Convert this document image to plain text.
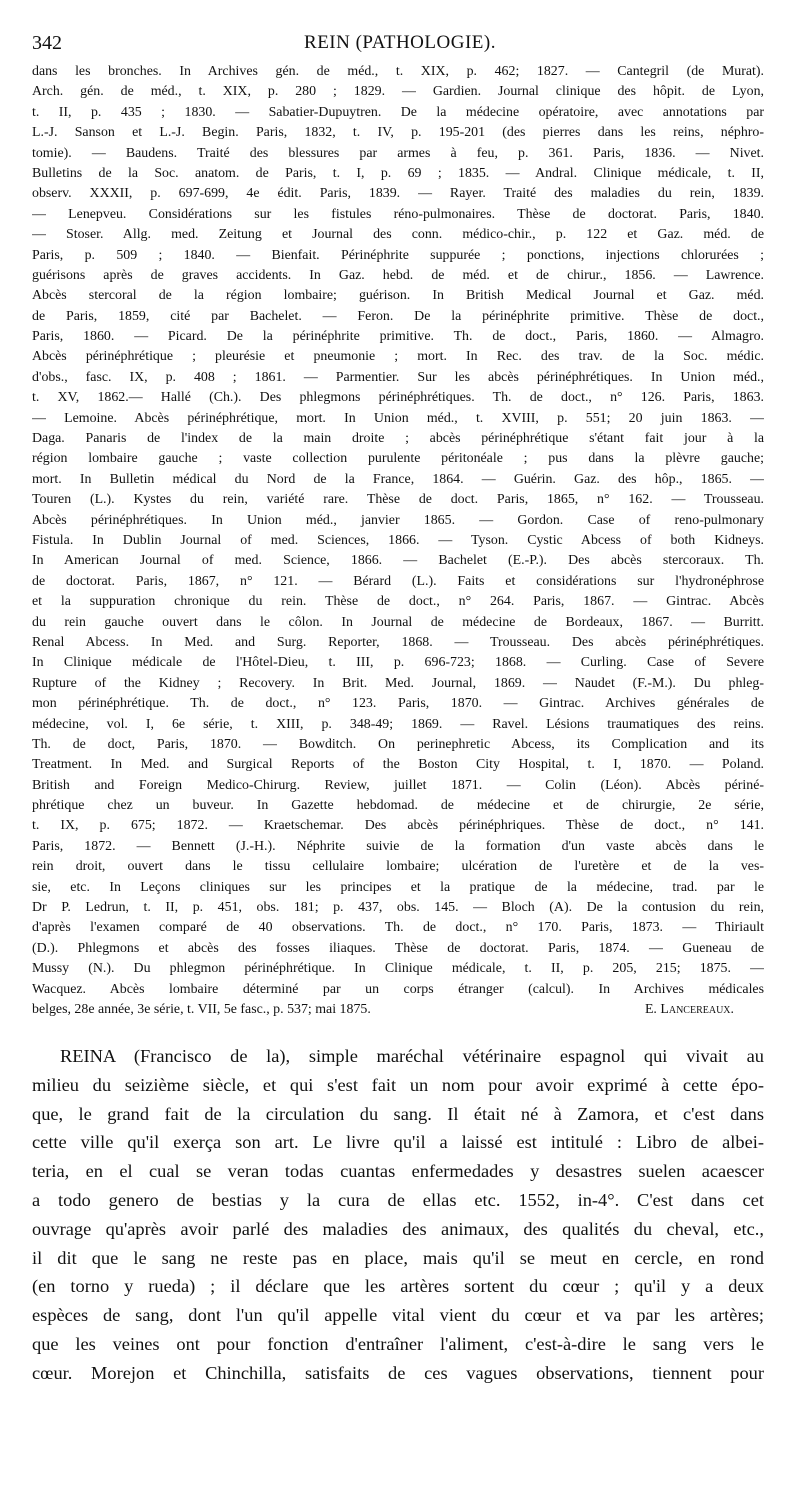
342	REIN (PATHOLOGIE).
dans les bronches. In Archives gén. de méd., t. XIX, p. 462; 1827. — Cantegril (de Murat).
Arch. gén. de méd., t. XIX, p. 280 ; 1829. — Gardien. Journal clinique des hôpit. de Lyon,
t. II, p. 435 ; 1830. — Sabatier-Dupuytren. De la médecine opératoire, avec annotations par
L.-J. Sanson et L.-J. Begin. Paris, 1832, t. IV, p. 195-201 (des pierres dans les reins, néphro-
tomie). — Baudens. Traité des blessures par armes à feu, p. 361. Paris, 1836. — Nivet.
Bulletins de la Soc. anatom. de Paris, t. I, p. 69 ; 1835. — Andral. Clinique médicale, t. II,
observ. XXXII, p. 697-699, 4e édit. Paris, 1839. — Rayer. Traité des maladies du rein, 1839.
— Lenepveu. Considérations sur les fistules réno-pulmonaires. Thèse de doctorat. Paris, 1840.
— Stoser. Allg. med. Zeitung et Journal des conn. médico-chir., p. 122 et Gaz. méd. de
Paris, p. 509 ; 1840. — Bienfait. Périnéphrite suppurée ; ponctions, injections chlorurées ;
guérisons après de graves accidents. In Gaz. hebd. de méd. et de chirur., 1856. — Lawrence.
Abcès stercoral de la région lombaire; guérison. In British Medical Journal et Gaz. méd.
de Paris, 1859, cité par Bachelet. — Feron. De la périnéphrite primitive. Thèse de doct.,
Paris, 1860. — Picard. De la périnéphrite primitive. Th. de doct., Paris, 1860. — Almagro.
Abcès périnéphrétique ; pleurésie et pneumonie ; mort. In Rec. des trav. de la Soc. médic.
d'obs., fasc. IX, p. 408 ; 1861. — Parmentier. Sur les abcès périnéphrétiques. In Union méd.,
t. XV, 1862.— Hallé (Ch.). Des phlegmons périnéphrétiques. Th. de doct., n° 126. Paris, 1863.
— Lemoine. Abcès périnéphrétique, mort. In Union méd., t. XVIII, p. 551; 20 juin 1863. —
Daga. Panaris de l'index de la main droite ; abcès périnéphrétique s'étant fait jour à la
région lombaire gauche ; vaste collection purulente péritonéale ; pus dans la plèvre gauche;
mort. In Bulletin médical du Nord de la France, 1864. — Guérin. Gaz. des hôp., 1865. —
Touren (L.). Kystes du rein, variété rare. Thèse de doct. Paris, 1865, n° 162. — Trousseau.
Abcès périnéphrétiques. In Union méd., janvier 1865. — Gordon. Case of reno-pulmonary
Fistula. In Dublin Journal of med. Sciences, 1866. — Tyson. Cystic Abcess of both Kidneys.
In American Journal of med. Science, 1866. — Bachelet (E.-P.). Des abcès stercoraux. Th.
de doctorat. Paris, 1867, n° 121. — Bérard (L.). Faits et considérations sur l'hydronéphrose
et la suppuration chronique du rein. Thèse de doct., n° 264. Paris, 1867. — Gintrac. Abcès
du rein gauche ouvert dans le côlon. In Journal de médecine de Bordeaux, 1867. — Burritt.
Renal Abcess. In Med. and Surg. Reporter, 1868. — Trousseau. Des abcès périnéphrétiques.
In Clinique médicale de l'Hôtel-Dieu, t. III, p. 696-723; 1868. — Curling. Case of Severe
Rupture of the Kidney ; Recovery. In Brit. Med. Journal, 1869. — Naudet (F.-M.). Du phleg-
mon périnéphrétique. Th. de doct., n° 123. Paris, 1870. — Gintrac. Archives générales de
médecine, vol. I, 6e série, t. XIII, p. 348-49; 1869. — Ravel. Lésions traumatiques des reins.
Th. de doct, Paris, 1870. — Bowditch. On perinephretic Abcess, its Complication and its
Treatment. In Med. and Surgical Reports of the Boston City Hospital, t. I, 1870. — Poland.
British and Foreign Medico-Chirurg. Review, juillet 1871. — Colin (Léon). Abcès périné-
phrétique chez un buveur. In Gazette hebdomad. de médecine et de chirurgie, 2e série,
t. IX, p. 675; 1872. — Kraetschemar. Des abcès périnéphriques. Thèse de doct., n° 141.
Paris, 1872. — Bennett (J.-H.). Néphrite suivie de la formation d'un vaste abcès dans le
rein droit, ouvert dans le tissu cellulaire lombaire; ulcération de l'uretère et de la ves-
sie, etc. In Leçons cliniques sur les principes et la pratique de la médecine, trad. par le
Dr P. Ledrun, t. II, p. 451, obs. 181; p. 437, obs. 145. — Bloch (A). De la contusion du rein,
d'après l'examen comparé de 40 observations. Th. de doct., n° 170. Paris, 1873. — Thiriault
(D.). Phlegmons et abcès des fosses iliaques. Thèse de doctorat. Paris, 1874. — Gueneau de
Mussy (N.). Du phlegmon périnéphrétique. In Clinique médicale, t. II, p. 205, 215; 1875. —
Wacquez. Abcès lombaire déterminé par un corps étranger (calcul). In Archives médicales
belges, 28e année, 3e série, t. VII, 5e fasc., p. 537; mai 1875.	E. Lancereaux.
REINA (Francisco de la), simple maréchal vétérinaire espagnol qui vivait au
milieu du seizième siècle, et qui s'est fait un nom pour avoir exprimé à cette épo-
que, le grand fait de la circulation du sang. Il était né à Zamora, et c'est dans
cette ville qu'il exerça son art. Le livre qu'il a laissé est intitulé : Libro de albei-
teria, en el cual se veran todas cuantas enfermedades y desastres suelen acaescer
a todo genero de bestias y la cura de ellas etc. 1552, in-4°. C'est dans cet
ouvrage qu'après avoir parlé des maladies des animaux, des qualités du cheval, etc.,
il dit que le sang ne reste pas en place, mais qu'il se meut en cercle, en rond
(en torno y rueda) ; il déclare que les artères sortent du cœur ; qu'il y a deux
espèces de sang, dont l'un qu'il appelle vital vient du cœur et va par les artères;
que les veines ont pour fonction d'entraîner l'aliment, c'est-à-dire le sang vers le
cœur. Morejon et Chinchilla, satisfaits de ces vagues observations, tiennent pour
